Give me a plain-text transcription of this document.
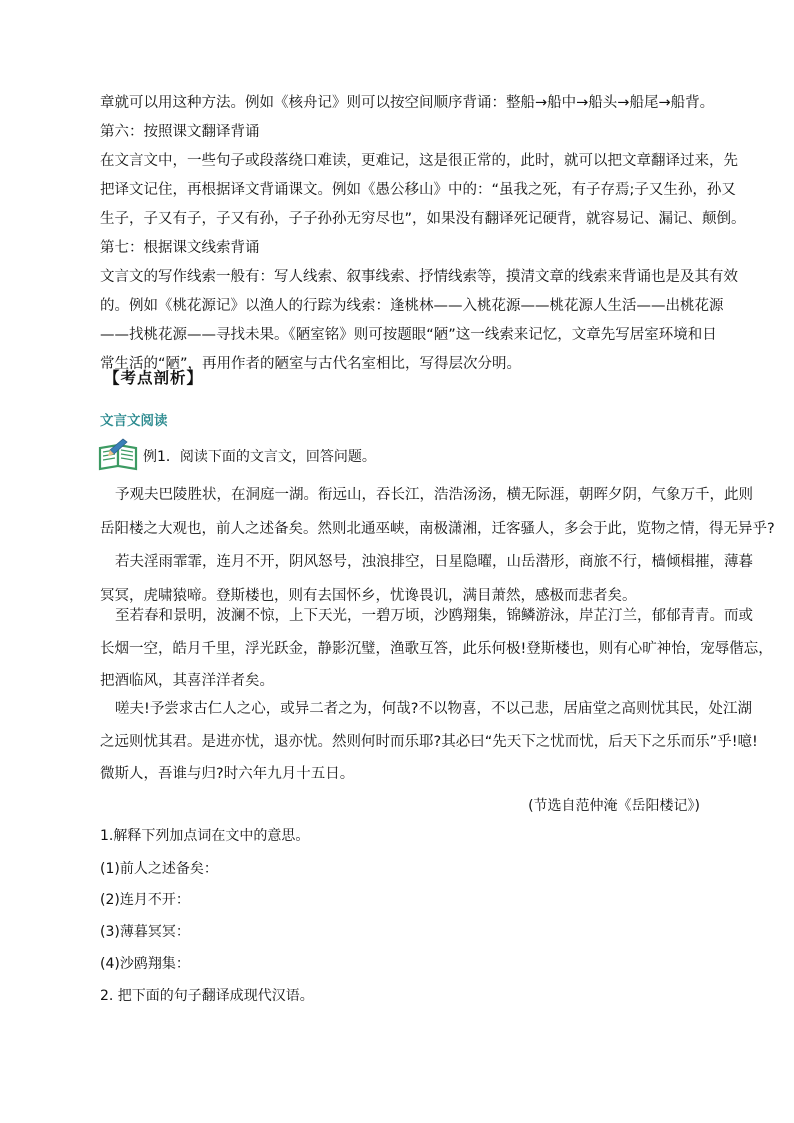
章就可以用这种方法。例如《核舟记》则可以按空间顺序背诵：整船→船中→船头→船尾→船背。
第六：按照课文翻译背诵
在文言文中，一些句子或段落绕口难读，更难记，这是很正常的，此时，就可以把文章翻译过来，先
把译文记住，再根据译文背诵课文。例如《愚公移山》中的：“虽我之死，有子存焉;子又生孙，孙又
生子，子又有子，子又有孙，子子孙孙无穷尽也”，如果没有翻译死记硬背，就容易记、漏记、颠倒。
第七：根据课文线索背诵
文言文的写作线索一般有：写人线索、叙事线索、抒情线索等，摸清文章的线索来背诵也是及其有效
的。例如《桃花源记》以渔人的行踪为线索：逢桃林——入桃花源——桃花源人生活——出桃花源
——找桃花源——寻找未果。《陋室铭》则可按题眼“陋”这一线索来记忆，文章先写居室环境和日
常生活的“陋”，再用作者的陋室与古代名室相比，写得层次分明。
【考点剖析】
文言文阅读
例1．阅读下面的文言文，回答问题。
予观夫巴陵胜状，在洞庭一湖。衔远山，吞长江，浩浩汤汤，横无际涯，朝晖夕阴，气象万千，此则
岳阳楼之大观也，前人之述备矣。然则北通巫峡，南极潇湘，迁客骚人，多会于此，览物之情，得无异乎?
若夫淫雨霏霏，连月不开，阴风怒号，浊浪排空，日星隐曜，山岳潜形，商旅不行，樯倾楫摧，薄暮
冥冥，虎啸猿啼。登斯楼也，则有去国怀乡，忧谗畏讥，满目萧然，感极而悲者矣。
至若春和景明，波澜不惊，上下天光，一碧万顷，沙鸥翔集，锦鳞游泳，岸芷汀兰，郁郁青青。而或
长烟一空，皓月千里，浮光跃金，静影沉璧，渔歌互答，此乐何极!登斯楼也，则有心旷神怡，宠辱偕忘，
把酒临风，其喜洋洋者矣。
嗟夫!予尝求古仁人之心，或异二者之为，何哉?不以物喜，不以己悲，居庙堂之高则忧其民，处江湖
之远则忧其君。是进亦忧，退亦忧。然则何时而乐耶?其必曰“先天下之忧而忧，后天下之乐而乐”乎!噫!
微斯人，吾谁与归?时六年九月十五日。
(节选自范仲淹《岳阳楼记》)
1.解释下列加点词在文中的意思。
(1)前人之述备矣：
(2)连月不开：
(3)薄暮冥冥：
(4)沙鸥翔集：
2. 把下面的句子翻译成现代汉语。
